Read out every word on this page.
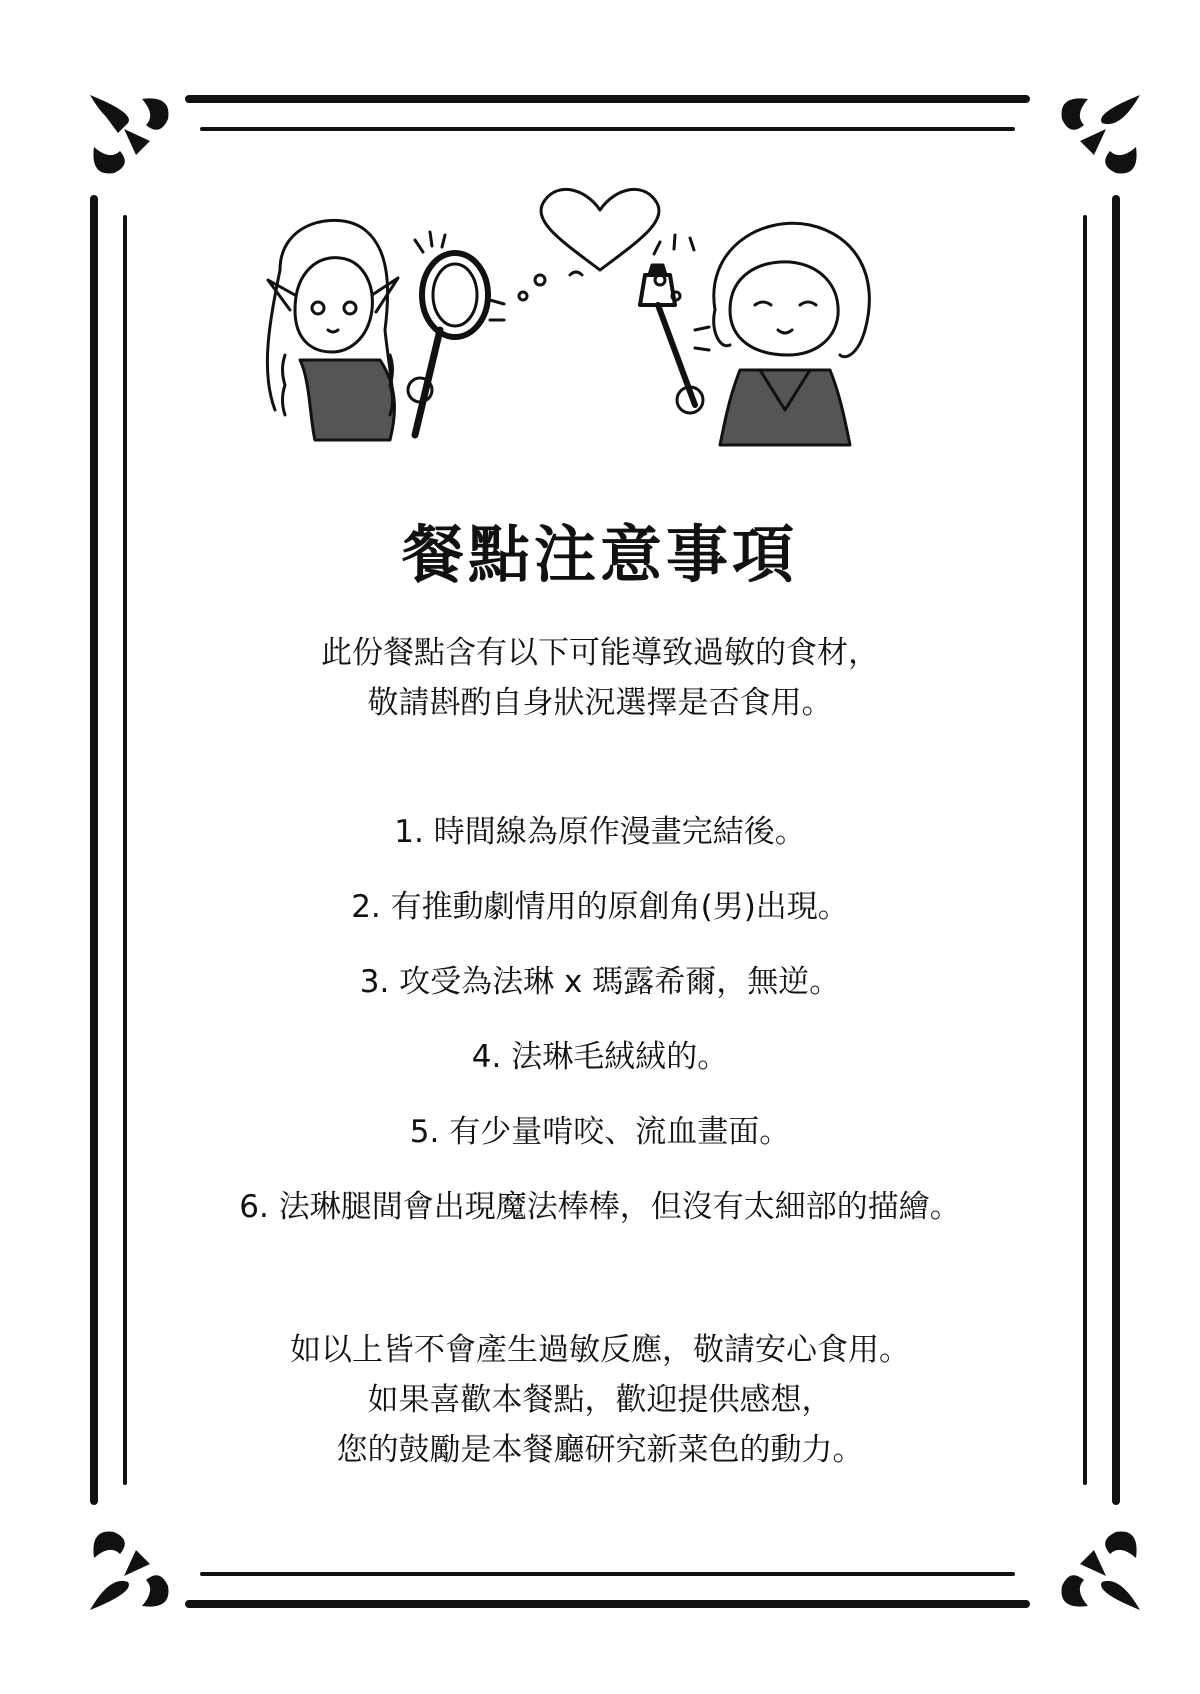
餐點注意事項
此份餐點含有以下可能導致過敏的食材，
敬請斟酌自身狀況選擇是否食用。
1. 時間線為原作漫畫完結後。
2. 有推動劇情用的原創角(男)出現。
3. 攻受為法琳 x 瑪露希爾，無逆。
4. 法琳毛絨絨的。
5. 有少量啃咬、流血畫面。
6. 法琳腿間會出現魔法棒棒，但沒有太細部的描繪。
如以上皆不會產生過敏反應，敬請安心食用。
如果喜歡本餐點，歡迎提供感想，
您的鼓勵是本餐廳研究新菜色的動力。
